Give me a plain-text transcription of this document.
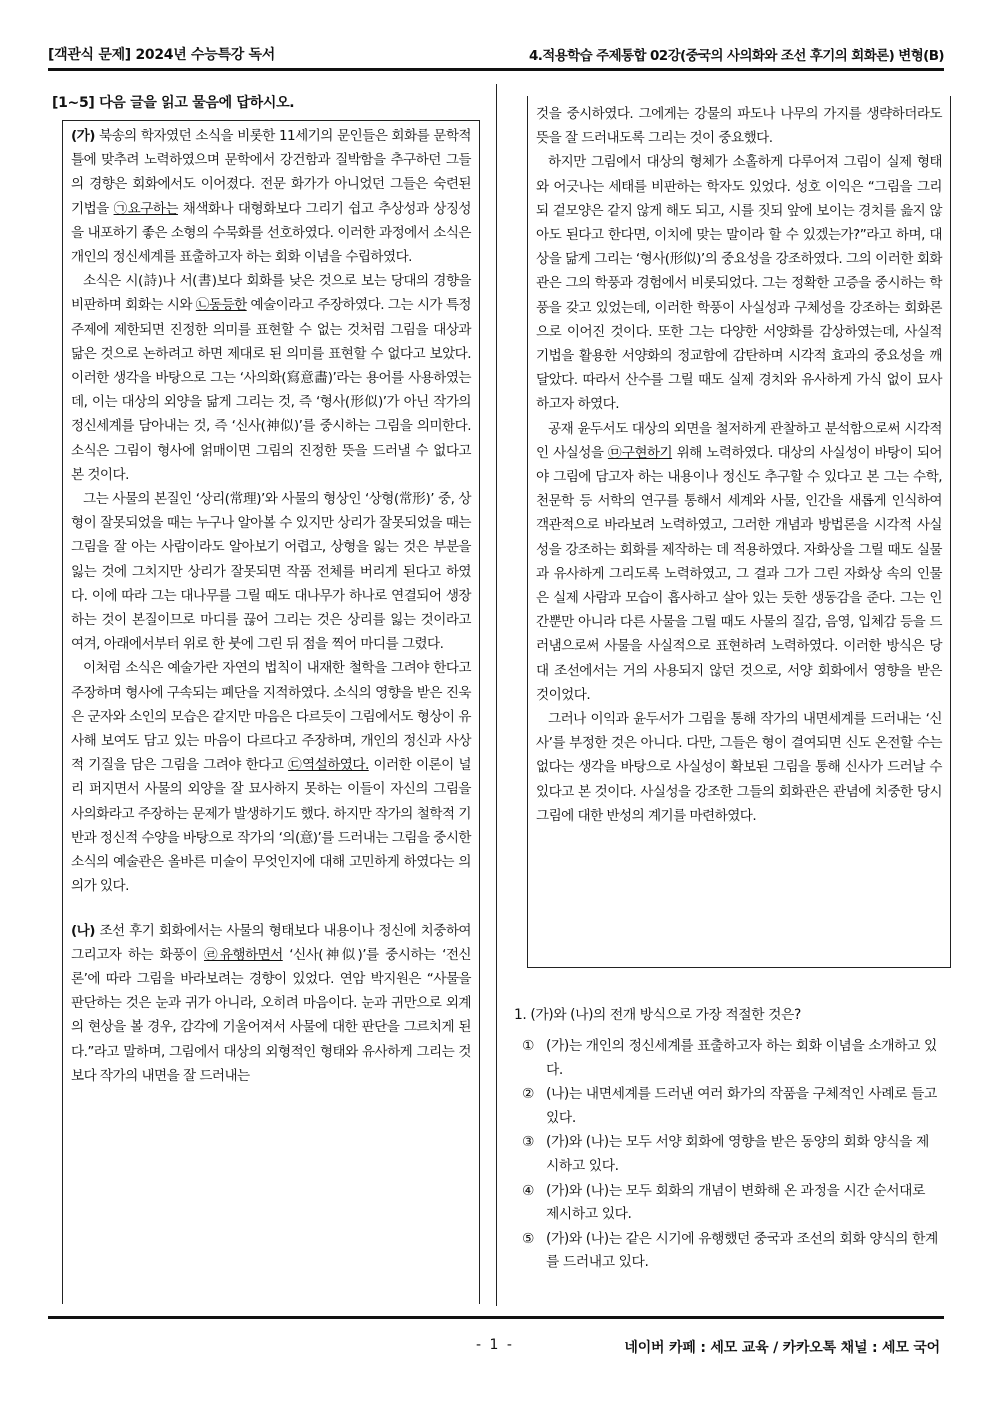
[객관식 문제] 2024년 수능특강 독서	4.적용학습 주제통합 02강(중국의 사의화와 조선 후기의 회화론) 변형(B)
[1~5] 다음 글을 읽고 물음에 답하시오.

(가) 북송의 학자였던 소식을 비롯한 11세기의 문인들은 회화를 문학적 틀에 맞추려 노력하였으며 문학에서 강건함과 질박함을 추구하던 그들의 경향은 회화에서도 이어졌다. 전문 화가가 아니었던 그들은 숙련된 기법을 ㉠요구하는 채색화나 대형화보다 그리기 쉽고 추상성과 상징성을 내포하기 좋은 소형의 수묵화를 선호하였다. 이러한 과정에서 소식은 개인의 정신세계를 표출하고자 하는 회화 이념을 수립하였다.

소식은 시(詩)나 서(書)보다 회화를 낮은 것으로 보는 당대의 경향을 비판하며 회화는 시와 ㉡동등한 예술이라고 주장하였다. 그는 시가 특정 주제에 제한되면 진정한 의미를 표현할 수 없는 것처럼 그림을 대상과 닮은 것으로 논하려고 하면 제대로 된 의미를 표현할 수 없다고 보았다. 이러한 생각을 바탕으로 그는 ‘사의화(寫意畵)’라는 용어를 사용하였는데, 이는 대상의 외양을 닮게 그리는 것, 즉 ‘형사(形似)’가 아닌 작가의 정신세계를 담아내는 것, 즉 ‘신사(神似)’를 중시하는 그림을 의미한다. 소식은 그림이 형사에 얽매이면 그림의 진정한 뜻을 드러낼 수 없다고 본 것이다.

그는 사물의 본질인 ‘상리(常理)’와 사물의 형상인 ‘상형(常形)’ 중, 상형이 잘못되었을 때는 누구나 알아볼 수 있지만 상리가 잘못되었을 때는 그림을 잘 아는 사람이라도 알아보기 어렵고, 상형을 잃는 것은 부분을 잃는 것에 그치지만 상리가 잘못되면 작품 전체를 버리게 된다고 하였다. 이에 따라 그는 대나무를 그릴 때도 대나무가 하나로 연결되어 생장하는 것이 본질이므로 마디를 끊어 그리는 것은 상리를 잃는 것이라고 여겨, 아래에서부터 위로 한 붓에 그린 뒤 점을 찍어 마디를 그렸다.

이처럼 소식은 예술가란 자연의 법칙이 내재한 철학을 그려야 한다고 주장하며 형사에 구속되는 폐단을 지적하였다. 소식의 영향을 받은 진욱은 군자와 소인의 모습은 같지만 마음은 다르듯이 그림에서도 형상이 유사해 보여도 담고 있는 마음이 다르다고 주장하며, 개인의 정신과 사상적 기질을 담은 그림을 그려야 한다고 ㉢역설하였다. 이러한 이론이 널리 퍼지면서 사물의 외양을 잘 묘사하지 못하는 이들이 자신의 그림을 사의화라고 주장하는 문제가 발생하기도 했다. 하지만 작가의 철학적 기반과 정신적 수양을 바탕으로 작가의 ‘의(意)’를 드러내는 그림을 중시한 소식의 예술관은 올바른 미술이 무엇인지에 대해 고민하게 하였다는 의의가 있다.

(나) 조선 후기 회화에서는 사물의 형태보다 내용이나 정신에 치중하여 그리고자 하는 화풍이 ㉣유행하면서 ‘신사(神似)’를 중시하는 ‘전신론’에 따라 그림을 바라보려는 경향이 있었다. 연암 박지원은 “사물을 판단하는 것은 눈과 귀가 아니라, 오히려 마음이다. 눈과 귀만으로 외계의 현상을 볼 경우, 감각에 기울어져서 사물에 대한 판단을 그르치게 된다.”라고 말하며, 그림에서 대상의 외형적인 형태와 유사하게 그리는 것보다 작가의 내면을 잘 드러내는

것을 중시하였다. 그에게는 강물의 파도나 나무의 가지를 생략하더라도 뜻을 잘 드러내도록 그리는 것이 중요했다.

하지만 그림에서 대상의 형체가 소홀하게 다루어져 그림이 실제 형태와 어긋나는 세태를 비판하는 학자도 있었다. 성호 이익은 “그림을 그리되 겉모양은 같지 않게 해도 되고, 시를 짓되 앞에 보이는 경치를 읊지 않아도 된다고 한다면, 이치에 맞는 말이라 할 수 있겠는가?”라고 하며, 대상을 닮게 그리는 ‘형사(形似)’의 중요성을 강조하였다. 그의 이러한 회화관은 그의 학풍과 경험에서 비롯되었다. 그는 정확한 고증을 중시하는 학풍을 갖고 있었는데, 이러한 학풍이 사실성과 구체성을 강조하는 회화론으로 이어진 것이다. 또한 그는 다양한 서양화를 감상하였는데, 사실적 기법을 활용한 서양화의 정교함에 감탄하며 시각적 효과의 중요성을 깨달았다. 따라서 산수를 그릴 때도 실제 경치와 유사하게 가식 없이 묘사하고자 하였다.

공재 윤두서도 대상의 외면을 철저하게 관찰하고 분석함으로써 시각적인 사실성을 ㉤구현하기 위해 노력하였다. 대상의 사실성이 바탕이 되어야 그림에 담고자 하는 내용이나 정신도 추구할 수 있다고 본 그는 수학, 천문학 등 서학의 연구를 통해서 세계와 사물, 인간을 새롭게 인식하여 객관적으로 바라보려 노력하였고, 그러한 개념과 방법론을 시각적 사실성을 강조하는 회화를 제작하는 데 적용하였다. 자화상을 그릴 때도 실물과 유사하게 그리도록 노력하였고, 그 결과 그가 그린 자화상 속의 인물은 실제 사람과 모습이 흡사하고 살아 있는 듯한 생동감을 준다. 그는 인간뿐만 아니라 다른 사물을 그릴 때도 사물의 질감, 음영, 입체감 등을 드러냄으로써 사물을 사실적으로 표현하려 노력하였다. 이러한 방식은 당대 조선에서는 거의 사용되지 않던 것으로, 서양 회화에서 영향을 받은 것이었다.

그러나 이익과 윤두서가 그림을 통해 작가의 내면세계를 드러내는 ‘신사’를 부정한 것은 아니다. 다만, 그들은 형이 결여되면 신도 온전할 수는 없다는 생각을 바탕으로 사실성이 확보된 그림을 통해 신사가 드러날 수 있다고 본 것이다. 사실성을 강조한 그들의 회화관은 관념에 치중한 당시 그림에 대한 반성의 계기를 마련하였다.

1. (가)와 (나)의 전개 방식으로 가장 적절한 것은?
① (가)는 개인의 정신세계를 표출하고자 하는 회화 이념을 소개하고 있다.
② (나)는 내면세계를 드러낸 여러 화가의 작품을 구체적인 사례로 들고 있다.
③ (가)와 (나)는 모두 서양 회화에 영향을 받은 동양의 회화 양식을 제시하고 있다.
④ (가)와 (나)는 모두 회화의 개념이 변화해 온 과정을 시간 순서대로 제시하고 있다.
⑤ (가)와 (나)는 같은 시기에 유행했던 중국과 조선의 회화 양식의 한계를 드러내고 있다.
- 1 -	네이버 카페 : 세모 교육 / 카카오톡 채널 : 세모 국어
